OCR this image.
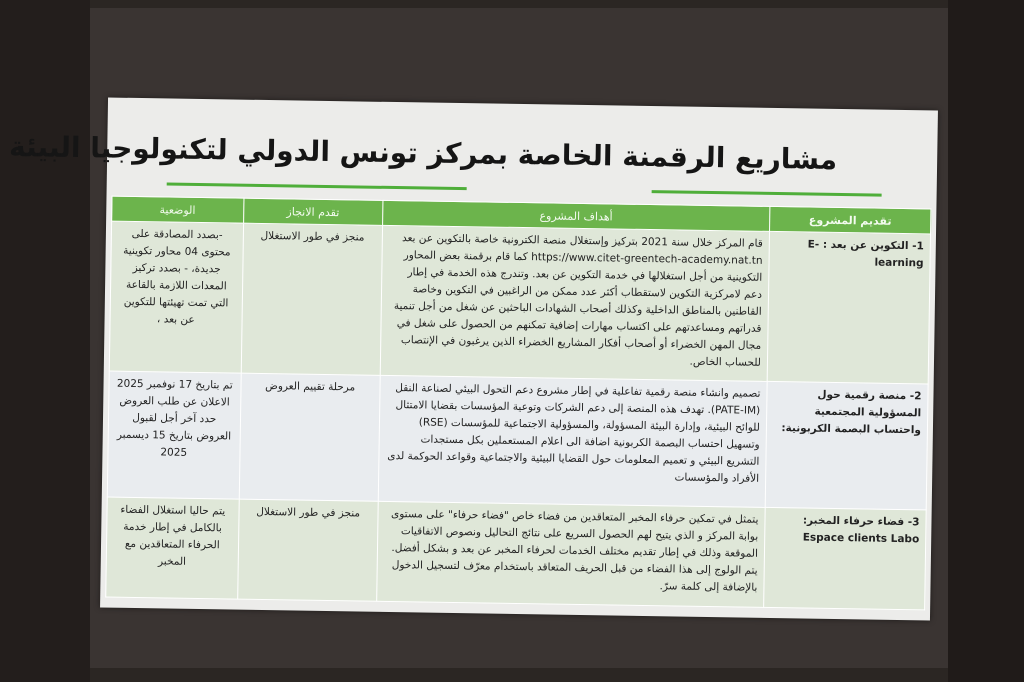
مشاريع الرقمنة الخاصة بمركز تونس الدولي لتكنولوجيا البيئة
تقديم المشروع	أهداف المشروع	تقدم الانجاز	الوضعية
1- التكوين عن بعد : E-learning	قام المركز خلال سنة 2021 بتركيز وإستغلال منصة الكترونية خاصة بالتكوين عن بعد https://www.citet-greentech-academy.nat.tn كما قام برقمنة بعض المحاور التكوينية من أجل استغلالها في خدمة التكوين عن بعد. وتندرج هذه الخدمة في إطار دعم لامركزية التكوين لاستقطاب أكثر عدد ممكن من الراغبين في التكوين وخاصة القاطنين بالمناطق الداخلية وكذلك أصحاب الشهادات الباحثين عن شغل من أجل تنمية قدراتهم ومساعدتهم على اكتساب مهارات إضافية تمكنهم من الحصول على شغل في مجال المهن الخضراء أو أصحاب أفكار المشاريع الخضراء الذين يرغبون في الإنتصاب للحساب الخاص.	منجز في طور الاستغلال	-بصدد المصادقة على محتوى 04 محاور تكوينية جديدة، - بصدد تركيز المعدات اللازمة بالقاعة التي تمت تهيئتها للتكوين عن بعد ،
2- منصة رقمية حول المسؤولية المجتمعية واحتساب البصمة الكربونية:	تصميم وانشاء منصة رقمية تفاعلية في إطار مشروع دعم التحول البيئي لصناعة النقل (PATE-IM). تهدف هذه المنصة إلى دعم الشركات وتوعية المؤسسات بقضايا الامتثال للوائح البيئية، وإدارة البيئة المسؤولة، والمسؤولية الاجتماعية للمؤسسات (RSE) وتسهيل احتساب البصمة الكربونية اضافة الى اعلام المستعملين بكل مستجدات التشريع البيئي و تعميم المعلومات حول القضايا البيئية والاجتماعية وقواعد الحوكمة لدى الأفراد والمؤسسات	مرحلة تقييم العروض	تم بتاريخ 17 نوفمبر 2025 الاعلان عن طلب العروض حدد آخر أجل لقبول العروض بتاريخ 15 ديسمبر 2025
3- فضاء حرفاء المخبر: Espace clients Labo	يتمثل في تمكين حرفاء المخبر المتعاقدين من فضاء خاص "فضاء حرفاء" على مستوى بوابة المركز و الذي يتيح لهم الحصول السريع على نتائج التحاليل ونصوص الاتفاقيات الموقعة وذلك في إطار تقديم مختلف الخدمات لحرفاء المخبر عن بعد و بشكل أفضل. يتم الولوج إلى هذا الفضاء من قبل الحريف المتعاقد باستخدام معرّف لتسجيل الدخول بالإضافة إلى كلمة سرّ.	منجز في طور الاستغلال	يتم حاليا استغلال الفضاء بالكامل في إطار خدمة الحرفاء المتعاقدين مع المخبر
